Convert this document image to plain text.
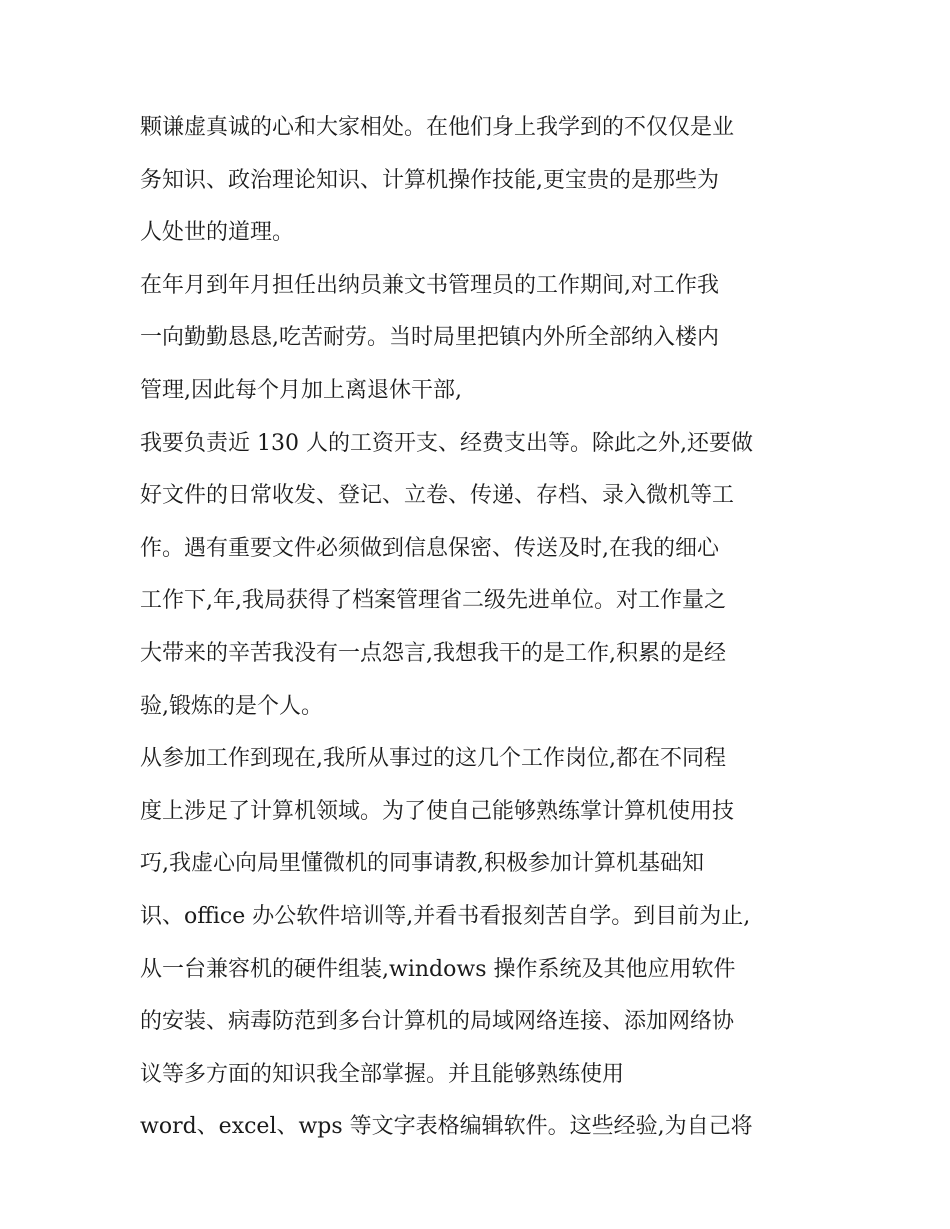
颗谦虚真诚的心和大家相处。在他们身上我学到的不仅仅是业
务知识、政治理论知识、计算机操作技能,更宝贵的是那些为
人处世的道理。
在年月到年月担任出纳员兼文书管理员的工作期间,对工作我
一向勤勤恳恳,吃苦耐劳。当时局里把镇内外所全部纳入楼内
管理,因此每个月加上离退休干部,
我要负责近 130 人的工资开支、经费支出等。除此之外,还要做
好文件的日常收发、登记、立卷、传递、存档、录入微机等工
作。遇有重要文件必须做到信息保密、传送及时,在我的细心
工作下,年,我局获得了档案管理省二级先进单位。对工作量之
大带来的辛苦我没有一点怨言,我想我干的是工作,积累的是经
验,锻炼的是个人。
从参加工作到现在,我所从事过的这几个工作岗位,都在不同程
度上涉足了计算机领域。为了使自己能够熟练掌计算机使用技
巧,我虚心向局里懂微机的同事请教,积极参加计算机基础知
识、office 办公软件培训等,并看书看报刻苦自学。到目前为止,
从一台兼容机的硬件组装,windows 操作系统及其他应用软件
的安装、病毒防范到多台计算机的局域网络连接、添加网络协
议等多方面的知识我全部掌握。并且能够熟练使用
word、excel、wps 等文字表格编辑软件。这些经验,为自己将
